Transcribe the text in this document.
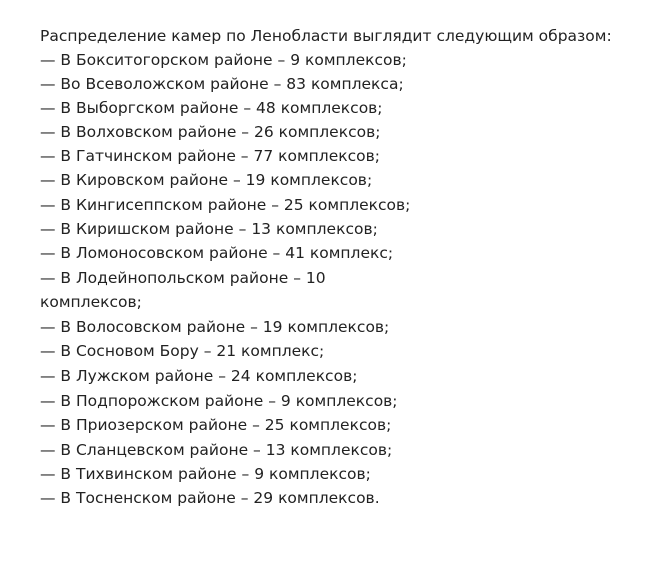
Распределение камер по Ленобласти выглядит следующим образом:
— В Бокситогорском районе – 9 комплексов;
— Во Всеволожском районе – 83 комплекса;
— В Выборгском районе – 48 комплексов;
— В Волховском районе – 26 комплексов;
— В Гатчинском районе – 77 комплексов;
— В Кировском районе – 19 комплексов;
— В Кингисеппском районе – 25 комплексов;
— В Киришском районе – 13 комплексов;
— В Ломоносовском районе – 41 комплекс;
— В Лодейнопольском районе – 10
комплексов;
— В Волосовском районе – 19 комплексов;
— В Сосновом Бору – 21 комплекс;
— В Лужском районе – 24 комплексов;
— В Подпорожском районе – 9 комплексов;
— В Приозерском районе – 25 комплексов;
— В Сланцевском районе – 13 комплексов;
— В Тихвинском районе – 9 комплексов;
— В Тосненском районе – 29 комплексов.
